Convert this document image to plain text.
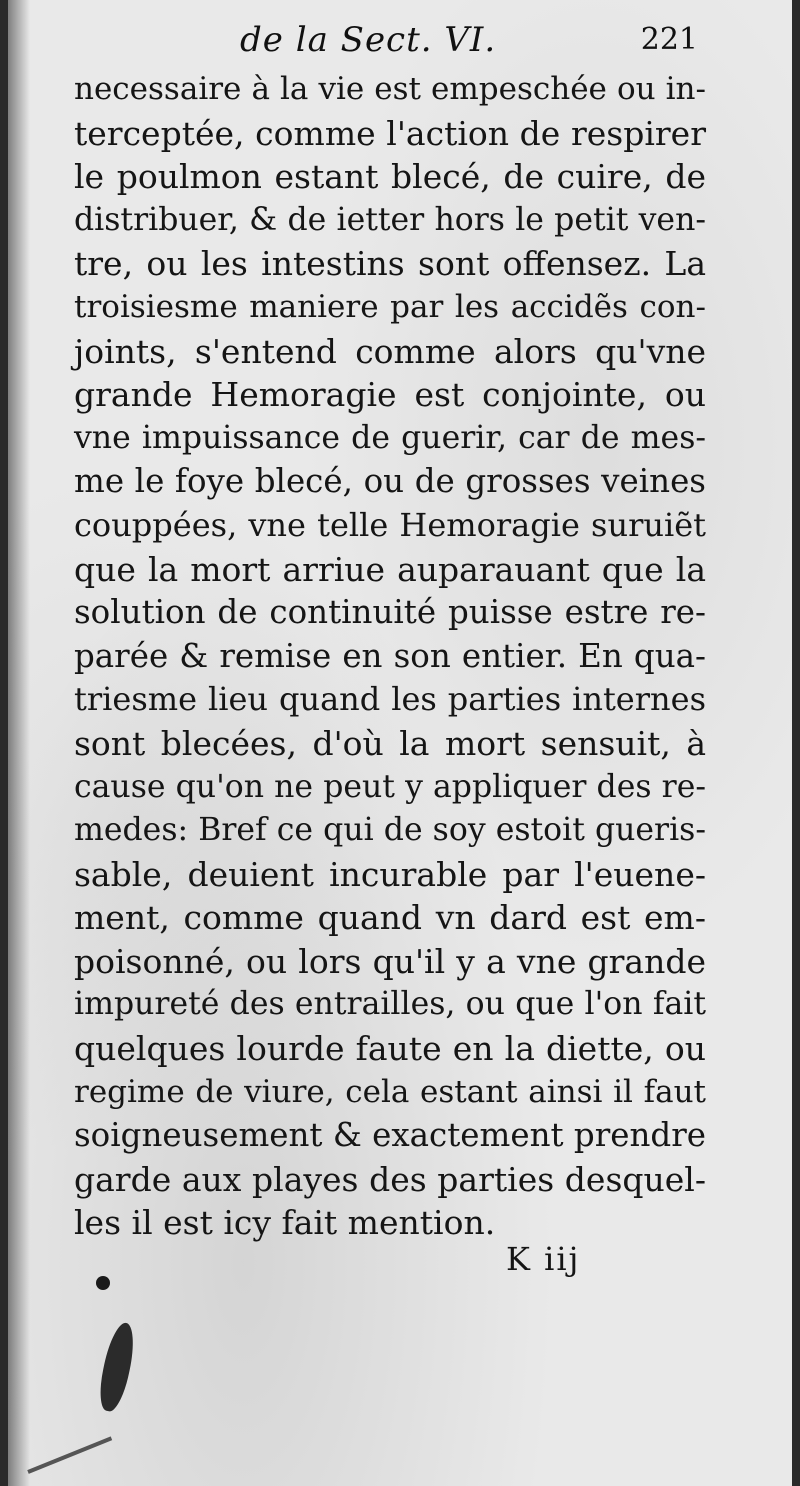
de la Sect. VI.	221
necessaire à la vie est empeschée ou in-
terceptée, comme l'action de respirer
le poulmon estant blecé, de cuire, de
distribuer, & de ietter hors le petit ven-
tre, ou les intestins sont offensez. La
troisiesme maniere par les accidẽs con-
joints, s'entend comme alors qu'vne
grande Hemoragie est conjointe, ou
vne impuissance de guerir, car de mes-
me le foye blecé, ou de grosses veines
couppées, vne telle Hemoragie suruiẽt
que la mort arriue auparauant que la
solution de continuité puisse estre re-
parée & remise en son entier. En qua-
triesme lieu quand les parties internes
sont blecées, d'où la mort sensuit, à
cause qu'on ne peut y appliquer des re-
medes: Bref ce qui de soy estoit gueris-
sable, deuient incurable par l'euene-
ment, comme quand vn dard est em-
poisonné, ou lors qu'il y a vne grande
impureté des entrailles, ou que l'on fait
quelques lourde faute en la diette, ou
regime de viure, cela estant ainsi il faut
soigneusement & exactement prendre
garde aux playes des parties desquel-
les il est icy fait mention.
K iij
